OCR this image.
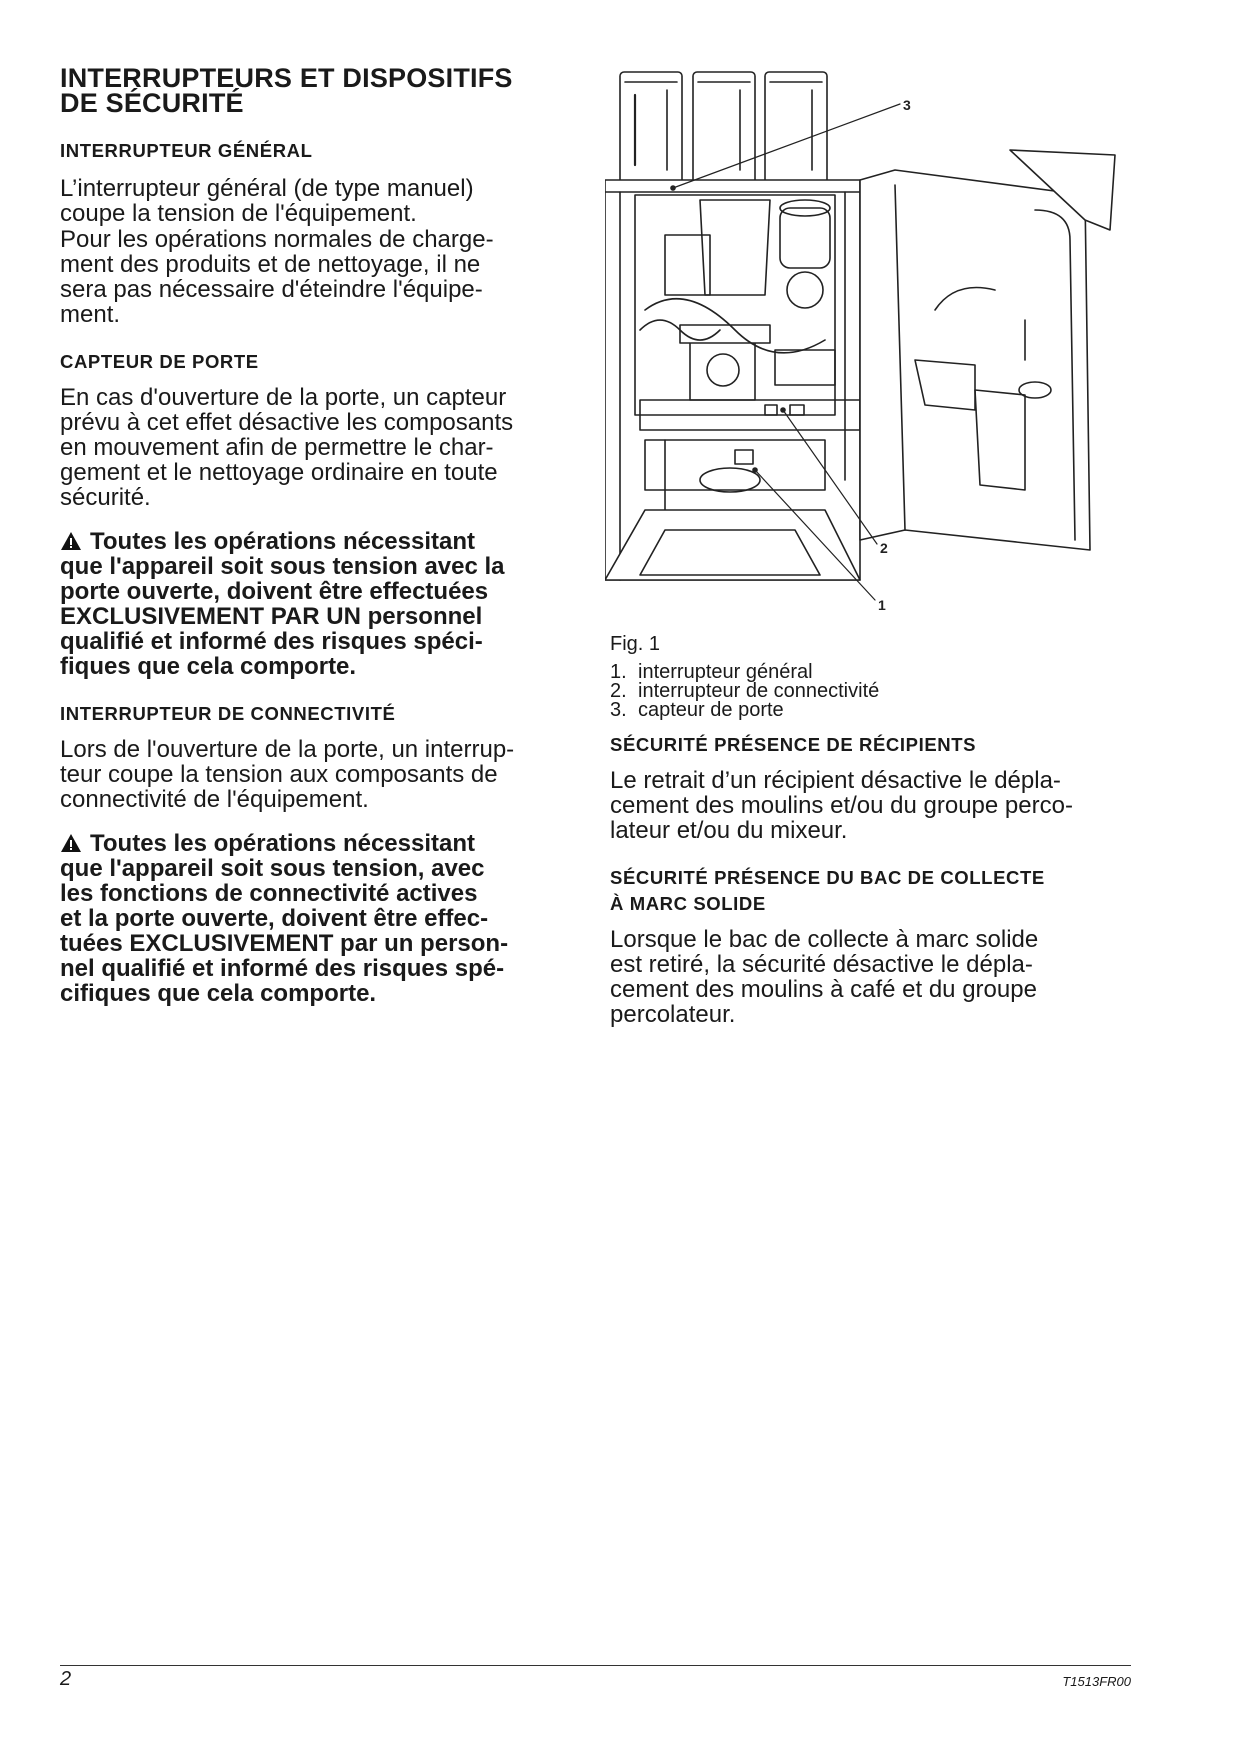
INTERRUPTEURS ET DISPOSITIFS
DE SÉCURITÉ
INTERRUPTEUR GÉNÉRAL

L’interrupteur général (de type manuel)
coupe la tension de l'équipement.

Pour les opérations normales de charge-
ment des produits et de nettoyage, il ne
sera pas nécessaire d'éteindre l'équipe-
ment.

CAPTEUR DE PORTE

En cas d'ouverture de la porte, un capteur
prévu à cet effet désactive les composants
en mouvement afin de permettre le char-
gement et le nettoyage ordinaire en toute
sécurité.

Toutes les opérations nécessitant
que l'appareil soit sous tension avec la
porte ouverte, doivent être effectuées
EXCLUSIVEMENT PAR UN personnel
qualifié et informé des risques spéci-
fiques que cela comporte.

INTERRUPTEUR DE CONNECTIVITÉ

Lors de l'ouverture de la porte, un interrup-
teur coupe la tension aux composants de
connectivité de l'équipement.

Toutes les opérations nécessitant
que l'appareil soit sous tension, avec
les fonctions de connectivité actives
et la porte ouverte, doivent être effec-
tuées EXCLUSIVEMENT par un person-
nel qualifié et informé des risques spé-
cifiques que cela comporte.

3
2
1

Fig. 1

1. interrupteur général
2. interrupteur de connectivité
3. capteur de porte
SÉCURITÉ PRÉSENCE DE RÉCIPIENTS

Le retrait d’un récipient désactive le dépla-
cement des moulins et/ou du groupe perco-
lateur et/ou du mixeur.

SÉCURITÉ PRÉSENCE DU BAC DE COLLECTE
À MARC SOLIDE

Lorsque le bac de collecte à marc solide
est retiré, la sécurité désactive le dépla-
cement des moulins à café et du groupe
percolateur.

2	T1513FR00
